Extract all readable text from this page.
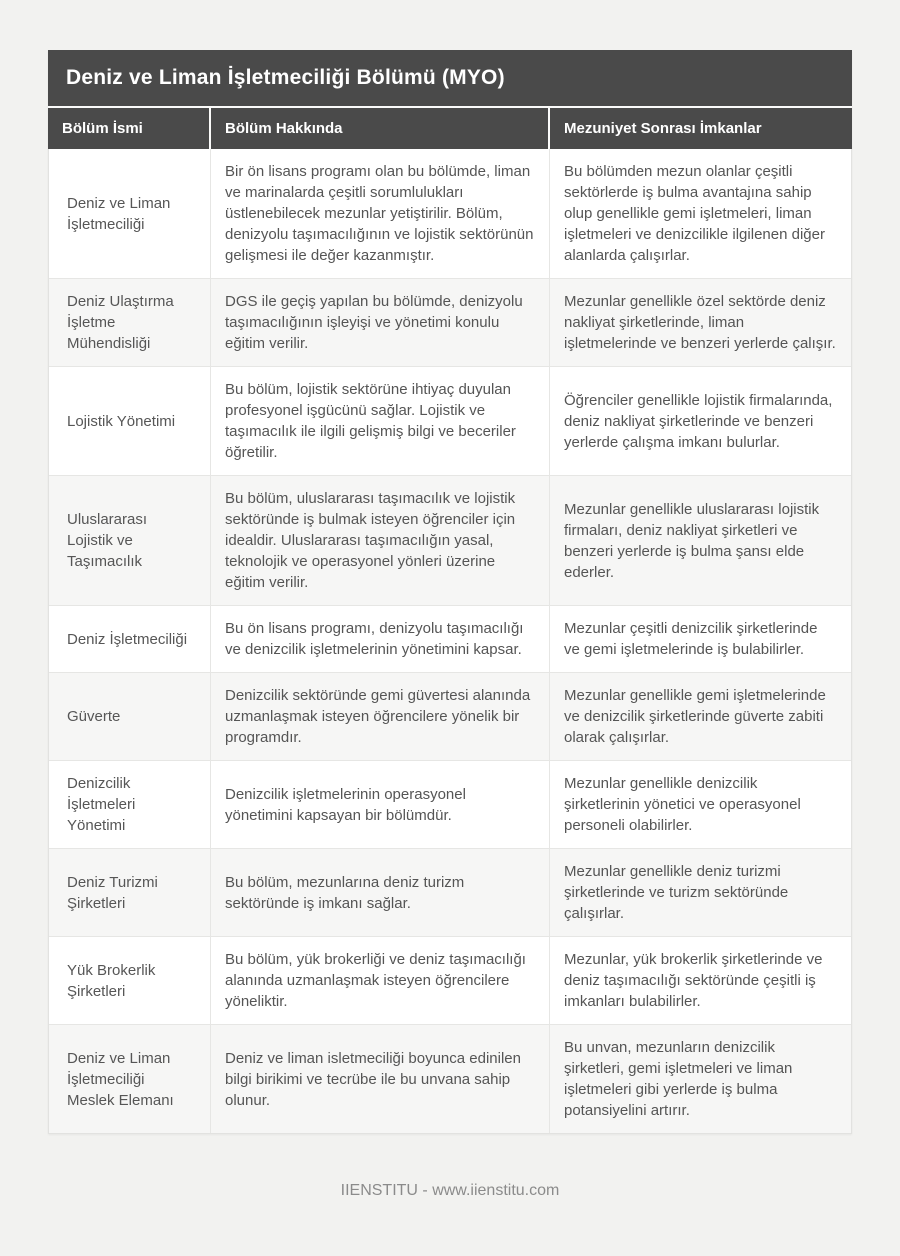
Deniz ve Liman İşletmeciliği Bölümü (MYO)
Bölüm İsmi	Bölüm Hakkında	Mezuniyet Sonrası İmkanlar
Deniz ve Liman İşletmeciliği
Bir ön lisans programı olan bu bölümde, liman ve marinalarda çeşitli sorumlulukları üstlenebilecek mezunlar yetiştirilir. Bölüm, denizyolu taşımacılığının ve lojistik sektörünün gelişmesi ile değer kazanmıştır.
Bu bölümden mezun olanlar çeşitli sektörlerde iş bulma avantajına sahip olup genellikle gemi işletmeleri, liman işletmeleri ve denizcilikle ilgilenen diğer alanlarda çalışırlar.
Deniz Ulaştırma İşletme Mühendisliği
DGS ile geçiş yapılan bu bölümde, denizyolu taşımacılığının işleyişi ve yönetimi konulu eğitim verilir.
Mezunlar genellikle özel sektörde deniz nakliyat şirketlerinde, liman işletmelerinde ve benzeri yerlerde çalışır.
Lojistik Yönetimi
Bu bölüm, lojistik sektörüne ihtiyaç duyulan profesyonel işgücünü sağlar. Lojistik ve taşımacılık ile ilgili gelişmiş bilgi ve beceriler öğretilir.
Öğrenciler genellikle lojistik firmalarında, deniz nakliyat şirketlerinde ve benzeri yerlerde çalışma imkanı bulurlar.
Uluslararası Lojistik ve Taşımacılık
Bu bölüm, uluslararası taşımacılık ve lojistik sektöründe iş bulmak isteyen öğrenciler için idealdir. Uluslararası taşımacılığın yasal, teknolojik ve operasyonel yönleri üzerine eğitim verilir.
Mezunlar genellikle uluslararası lojistik firmaları, deniz nakliyat şirketleri ve benzeri yerlerde iş bulma şansı elde ederler.
Deniz İşletmeciliği
Bu ön lisans programı, denizyolu taşımacılığı ve denizcilik işletmelerinin yönetimini kapsar.
Mezunlar çeşitli denizcilik şirketlerinde ve gemi işletmelerinde iş bulabilirler.
Güverte
Denizcilik sektöründe gemi güvertesi alanında uzmanlaşmak isteyen öğrencilere yönelik bir programdır.
Mezunlar genellikle gemi işletmelerinde ve denizcilik şirketlerinde güverte zabiti olarak çalışırlar.
Denizcilik İşletmeleri Yönetimi
Denizcilik işletmelerinin operasyonel yönetimini kapsayan bir bölümdür.
Mezunlar genellikle denizcilik şirketlerinin yönetici ve operasyonel personeli olabilirler.
Deniz Turizmi Şirketleri
Bu bölüm, mezunlarına deniz turizm sektöründe iş imkanı sağlar.
Mezunlar genellikle deniz turizmi şirketlerinde ve turizm sektöründe çalışırlar.
Yük Brokerlik Şirketleri
Bu bölüm, yük brokerliği ve deniz taşımacılığı alanında uzmanlaşmak isteyen öğrencilere yöneliktir.
Mezunlar, yük brokerlik şirketlerinde ve deniz taşımacılığı sektöründe çeşitli iş imkanları bulabilirler.
Deniz ve Liman İşletmeciliği Meslek Elemanı
Deniz ve liman isletmeciliği boyunca edinilen bilgi birikimi ve tecrübe ile bu unvana sahip olunur.
Bu unvan, mezunların denizcilik şirketleri, gemi işletmeleri ve liman işletmeleri gibi yerlerde iş bulma potansiyelini artırır.
IIENSTITU - www.iienstitu.com
